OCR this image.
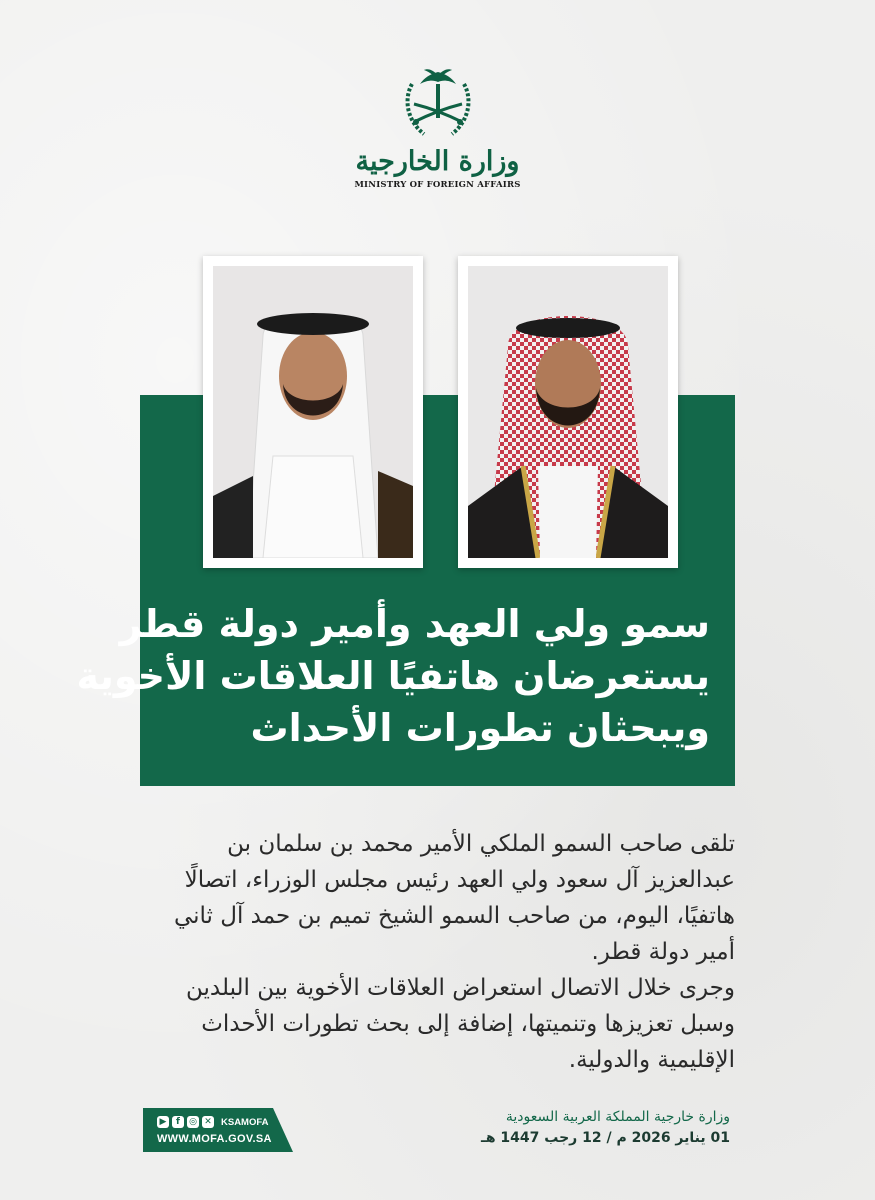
وزارة الخارجية
MINISTRY OF FOREIGN AFFAIRS
سمو ولي العهد وأمير دولة قطر
يستعرضان هاتفيًا العلاقات الأخوية
ويبحثان تطورات الأحداث
تلقى صاحب السمو الملكي الأمير محمد بن سلمان بن
عبدالعزيز آل سعود ولي العهد رئيس مجلس الوزراء، اتصالًا
هاتفيًا، اليوم، من صاحب السمو الشيخ تميم بن حمد آل ثاني
أمير دولة قطر.
وجرى خلال الاتصال استعراض العلاقات الأخوية بين البلدين
وسبل تعزيزها وتنميتها، إضافة إلى بحث تطورات الأحداث
الإقليمية والدولية.
▶	f	◎ ✕ KSAMOFA
WWW.MOFA.GOV.SA
وزارة خارجية المملكة العربية السعودية
01 يناير 2026 م / 12 رجب 1447 هـ
